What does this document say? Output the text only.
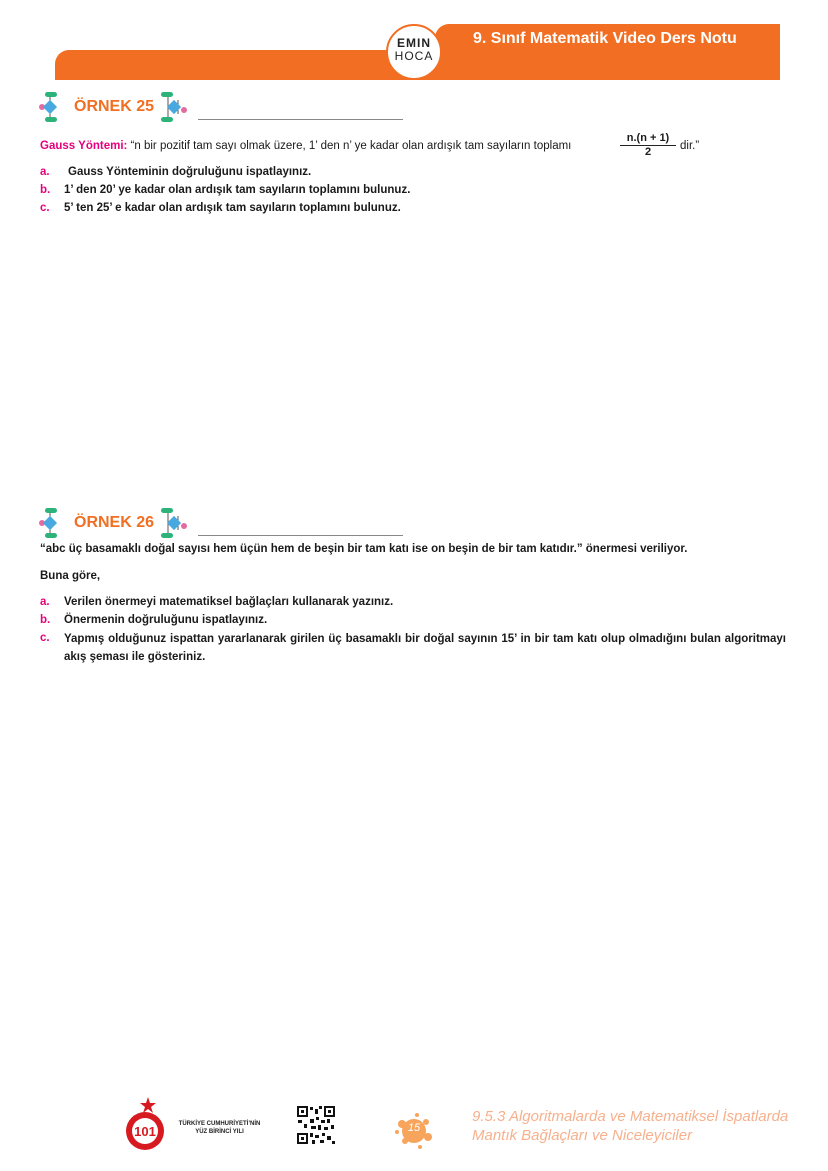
9. Sınıf Matematik Video Ders Notu
EMIN
HOCA
ÖRNEK 25
Gauss Yöntemi: “n bir pozitif tam sayı olmak üzere, 1’ den n’ ye kadar olan ardışık tam sayıların toplamı	$\frac{n.(n + 1)}{2}$ dir.”
a. Gauss Yönteminin doğruluğunu ispatlayınız.
b. 1’ den 20’ ye kadar olan ardışık tam sayıların toplamını bulunuz.
c. 5’ ten 25’ e kadar olan ardışık tam sayıların toplamını bulunuz.
ÖRNEK 26
“abc üç basamaklı doğal sayısı hem üçün hem de beşin bir tam katı ise on beşin de bir tam katıdır.” önermesi veriliyor.
Buna göre,
a. Verilen önermeyi matematiksel bağlaçları kullanarak yazınız.
b. Önermenin doğruluğunu ispatlayınız.
c. Yapmış olduğunuz ispattan yararlanarak girilen üç basamaklı bir doğal sayının 15’ in bir tam katı olup olmadığını bulan algoritmayı akış şeması ile gösteriniz.
101	TÜRKİYE CUMHURİYETİ’NİN
YÜZ BİRİNCİ YILI	15
9.5.3 Algoritmalarda ve Matematiksel İspatlarda Mantık Bağlaçları ve Niceleyiciler
